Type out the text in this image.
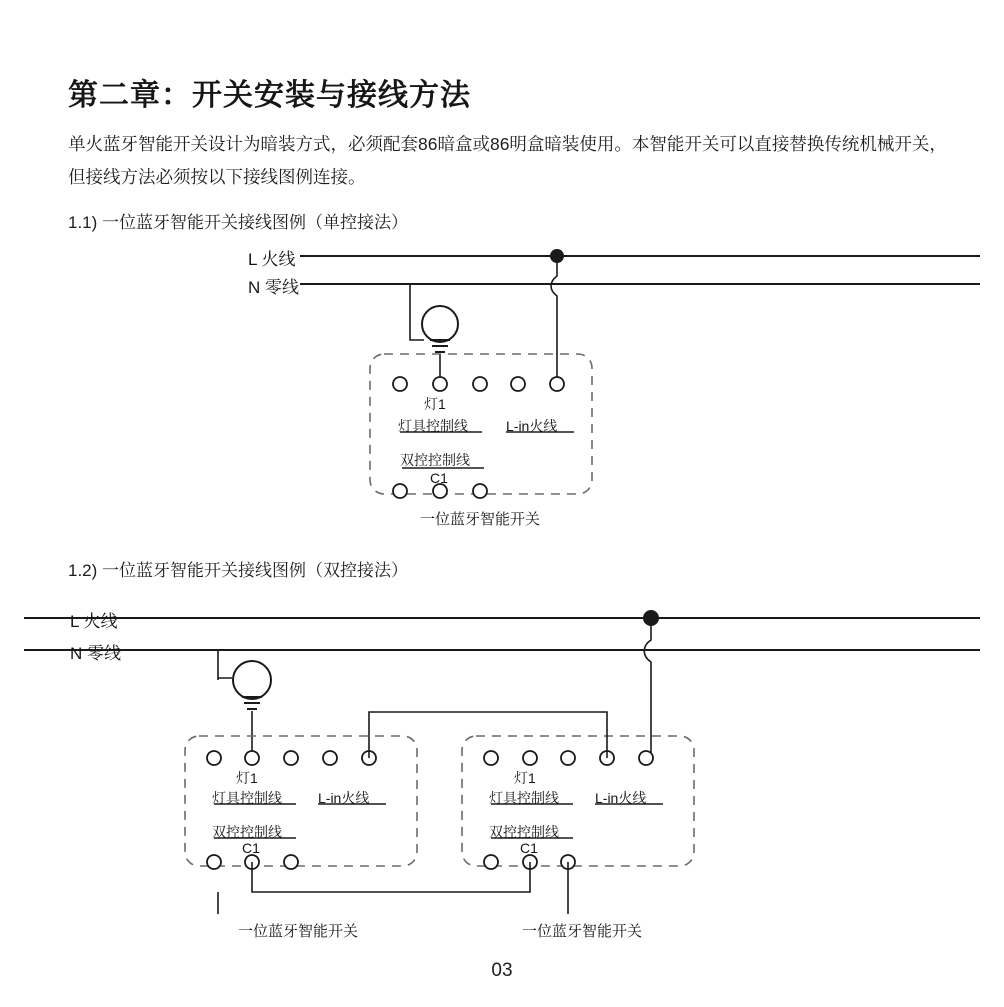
第二章：开关安装与接线方法

单火蓝牙智能开关设计为暗装方式，必须配套86暗盒或86明盒暗装使用。本智能开关可以直接替换传统机械开关，但接线方法必须按以下接线图例连接。

1.1) 一位蓝牙智能开关接线图例（单控接法）
L 火线
N 零线
灯1
灯具控制线	L-in火线
双控控制线
C1
一位蓝牙智能开关
1.2) 一位蓝牙智能开关接线图例（双控接法）
L 火线
N 零线
灯1
灯具控制线	L-in火线
双控控制线
C1
灯1
灯具控制线	L-in火线
双控控制线
C1
一位蓝牙智能开关	一位蓝牙智能开关
03
